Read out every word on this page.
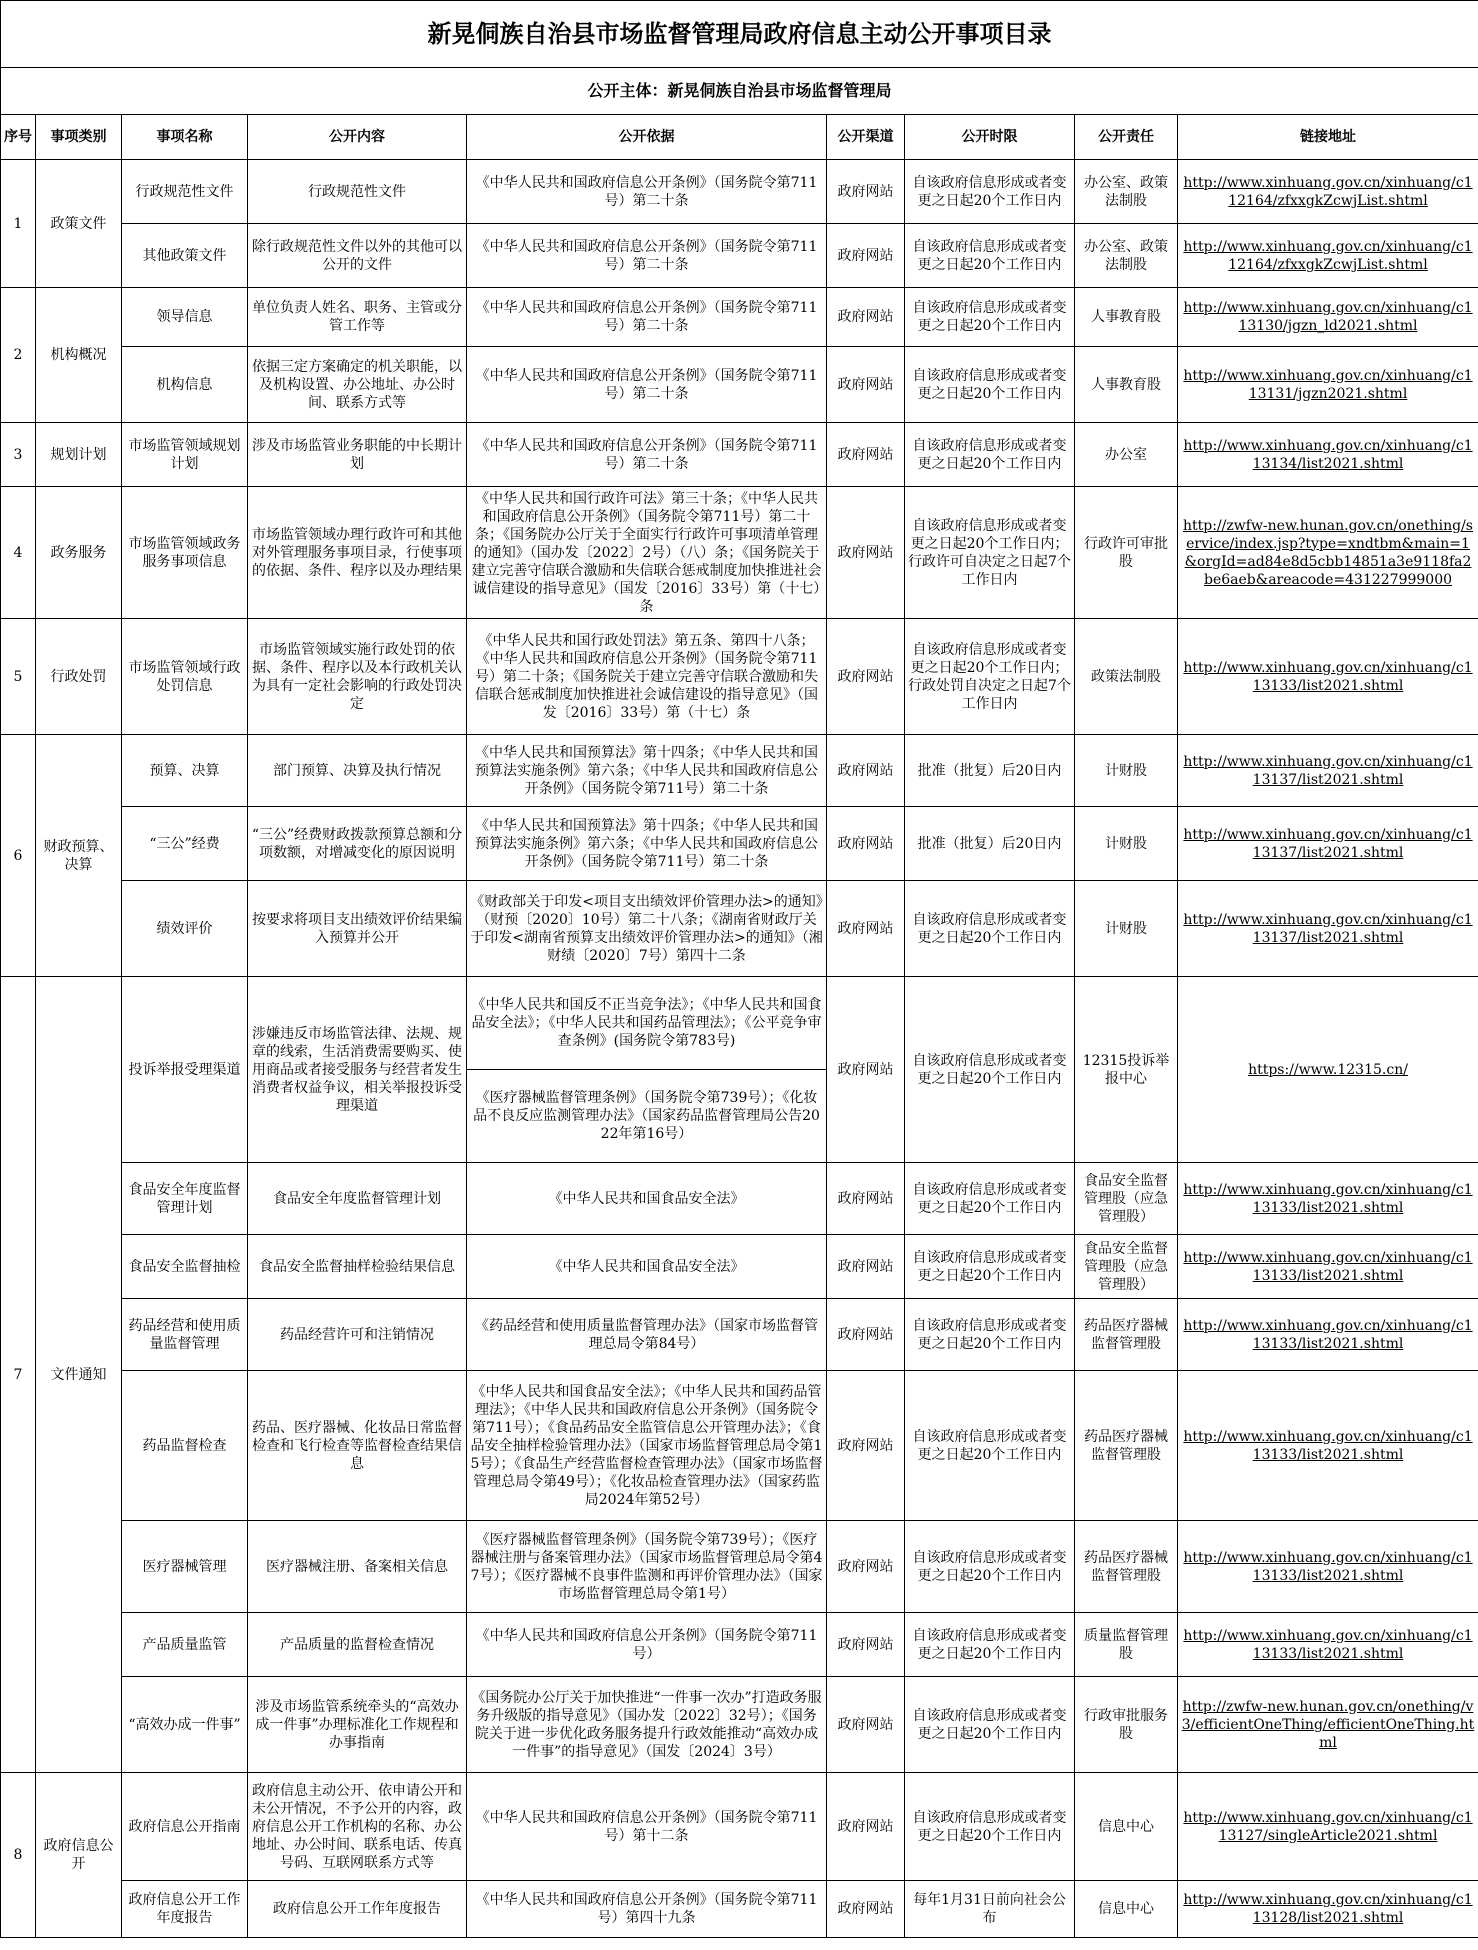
新晃侗族自治县市场监督管理局政府信息主动公开事项目录								
公开主体：新晃侗族自治县市场监督管理局								
序号	事项类别	事项名称	公开内容	公开依据	公开渠道	公开时限	公开责任	链接地址
1	政策文件	行政规范性文件	行政规范性文件	《中华人民共和国政府信息公开条例》（国务院令第711号）第二十条	政府网站	自该政府信息形成或者变更之日起20个工作日内	办公室、政策法制股	http://www.xinhuang.gov.cn/xinhuang/c112164/zfxxgkZcwjList.shtml
		其他政策文件	除行政规范性文件以外的其他可以公开的文件	《中华人民共和国政府信息公开条例》（国务院令第711号）第二十条	政府网站	自该政府信息形成或者变更之日起20个工作日内	办公室、政策法制股	http://www.xinhuang.gov.cn/xinhuang/c112164/zfxxgkZcwjList.shtml
2	机构概况	领导信息	单位负责人姓名、职务、主管或分管工作等	《中华人民共和国政府信息公开条例》（国务院令第711号）第二十条	政府网站	自该政府信息形成或者变更之日起20个工作日内	人事教育股	http://www.xinhuang.gov.cn/xinhuang/c113130/jgzn_ld2021.shtml
		机构信息	依据三定方案确定的机关职能，以及机构设置、办公地址、办公时间、联系方式等	《中华人民共和国政府信息公开条例》（国务院令第711号）第二十条	政府网站	自该政府信息形成或者变更之日起20个工作日内	人事教育股	http://www.xinhuang.gov.cn/xinhuang/c113131/jgzn2021.shtml
3	规划计划	市场监管领域规划计划	涉及市场监管业务职能的中长期计划	《中华人民共和国政府信息公开条例》（国务院令第711号）第二十条	政府网站	自该政府信息形成或者变更之日起20个工作日内	办公室	http://www.xinhuang.gov.cn/xinhuang/c113134/list2021.shtml
4	政务服务	市场监管领域政务服务事项信息	市场监管领域办理行政许可和其他对外管理服务事项目录，行使事项的依据、条件、程序以及办理结果	《中华人民共和国行政许可法》第三十条；《中华人民共和国政府信息公开条例》（国务院令第711号）第二十条；《国务院办公厅关于全面实行行政许可事项清单管理的通知》（国办发〔2022〕2号）（八）条；《国务院关于建立完善守信联合激励和失信联合惩戒制度加快推进社会诚信建设的指导意见》（国发〔2016〕33号）第（十七）条	政府网站	自该政府信息形成或者变更之日起20个工作日内；行政许可自决定之日起7个工作日内	行政许可审批股	http://zwfw-new.hunan.gov.cn/onething/service/index.jsp?type=xndtbm&main=1&orgId=ad84e8d5cbb14851a3e9118fa2be6aeb&areacode=431227999000
5	行政处罚	市场监管领域行政处罚信息	市场监管领域实施行政处罚的依据、条件、程序以及本行政机关认为具有一定社会影响的行政处罚决定	《中华人民共和国行政处罚法》第五条、第四十八条；《中华人民共和国政府信息公开条例》（国务院令第711号）第二十条；《国务院关于建立完善守信联合激励和失信联合惩戒制度加快推进社会诚信建设的指导意见》（国发〔2016〕33号）第（十七）条	政府网站	自该政府信息形成或者变更之日起20个工作日内；行政处罚自决定之日起7个工作日内	政策法制股	http://www.xinhuang.gov.cn/xinhuang/c113133/list2021.shtml
6	财政预算、决算	预算、决算	部门预算、决算及执行情况	《中华人民共和国预算法》第十四条；《中华人民共和国预算法实施条例》第六条；《中华人民共和国政府信息公开条例》（国务院令第711号）第二十条	政府网站	批准（批复）后20日内	计财股	http://www.xinhuang.gov.cn/xinhuang/c113137/list2021.shtml
		“三公”经费	“三公”经费财政拨款预算总额和分项数额，对增减变化的原因说明	《中华人民共和国预算法》第十四条；《中华人民共和国预算法实施条例》第六条；《中华人民共和国政府信息公开条例》（国务院令第711号）第二十条	政府网站	批准（批复）后20日内	计财股	http://www.xinhuang.gov.cn/xinhuang/c113137/list2021.shtml
		绩效评价	按要求将项目支出绩效评价结果编入预算并公开	《财政部关于印发<项目支出绩效评价管理办法>的通知》（财预〔2020〕10号）第二十八条；《湖南省财政厅关于印发<湖南省预算支出绩效评价管理办法>的通知》（湘财绩〔2020〕7号）第四十二条	政府网站	自该政府信息形成或者变更之日起20个工作日内	计财股	http://www.xinhuang.gov.cn/xinhuang/c113137/list2021.shtml
7	文件通知	投诉举报受理渠道	涉嫌违反市场监管法律、法规、规章的线索，生活消费需要购买、使用商品或者接受服务与经营者发生消费者权益争议，相关举报投诉受理渠道	《中华人民共和国反不正当竞争法》；《中华人民共和国食品安全法》；《中华人民共和国药品管理法》；《公平竞争审查条例》(国务院令第783号)	政府网站	自该政府信息形成或者变更之日起20个工作日内	12315投诉举报中心	https://www.12315.cn/
				《医疗器械监督管理条例》（国务院令第739号）；《化妆品不良反应监测管理办法》（国家药品监督管理局公告2022年第16号）				
		食品安全年度监督管理计划	食品安全年度监督管理计划	《中华人民共和国食品安全法》	政府网站	自该政府信息形成或者变更之日起20个工作日内	食品安全监督管理股（应急管理股）	http://www.xinhuang.gov.cn/xinhuang/c113133/list2021.shtml
		食品安全监督抽检	食品安全监督抽样检验结果信息	《中华人民共和国食品安全法》	政府网站	自该政府信息形成或者变更之日起20个工作日内	食品安全监督管理股（应急管理股）	http://www.xinhuang.gov.cn/xinhuang/c113133/list2021.shtml
		药品经营和使用质量监督管理	药品经营许可和注销情况	《药品经营和使用质量监督管理办法》（国家市场监督管理总局令第84号）	政府网站	自该政府信息形成或者变更之日起20个工作日内	药品医疗器械监督管理股	http://www.xinhuang.gov.cn/xinhuang/c113133/list2021.shtml
		药品监督检查	药品、医疗器械、化妆品日常监督检查和飞行检查等监督检查结果信息	《中华人民共和国食品安全法》；《中华人民共和国药品管理法》；《中华人民共和国政府信息公开条例》（国务院令第711号）；《食品药品安全监管信息公开管理办法》；《食品安全抽样检验管理办法》（国家市场监督管理总局令第15号）；《食品生产经营监督检查管理办法》（国家市场监督管理总局令第49号）；《化妆品检查管理办法》（国家药监局2024年第52号）	政府网站	自该政府信息形成或者变更之日起20个工作日内	药品医疗器械监督管理股	http://www.xinhuang.gov.cn/xinhuang/c113133/list2021.shtml
		医疗器械管理	医疗器械注册、备案相关信息	《医疗器械监督管理条例》（国务院令第739号）；《医疗器械注册与备案管理办法》（国家市场监督管理总局令第47号）；《医疗器械不良事件监测和再评价管理办法》（国家市场监督管理总局令第1号）	政府网站	自该政府信息形成或者变更之日起20个工作日内	药品医疗器械监督管理股	http://www.xinhuang.gov.cn/xinhuang/c113133/list2021.shtml
		产品质量监管	产品质量的监督检查情况	《中华人民共和国政府信息公开条例》（国务院令第711号）	政府网站	自该政府信息形成或者变更之日起20个工作日内	质量监督管理股	http://www.xinhuang.gov.cn/xinhuang/c113133/list2021.shtml
		“高效办成一件事”	涉及市场监管系统牵头的“高效办成一件事”办理标准化工作规程和办事指南	《国务院办公厅关于加快推进“一件事一次办”打造政务服务升级版的指导意见》（国办发〔2022〕32号）；《国务院关于进一步优化政务服务提升行政效能推动“高效办成一件事”的指导意见》（国发〔2024〕3号）	政府网站	自该政府信息形成或者变更之日起20个工作日内	行政审批服务股	http://zwfw-new.hunan.gov.cn/onething/v3/efficientOneThing/efficientOneThing.html
8	政府信息公开	政府信息公开指南	政府信息主动公开、依申请公开和未公开情况，不予公开的内容，政府信息公开工作机构的名称、办公地址、办公时间、联系电话、传真号码、互联网联系方式等	《中华人民共和国政府信息公开条例》（国务院令第711号）第十二条	政府网站	自该政府信息形成或者变更之日起20个工作日内	信息中心	http://www.xinhuang.gov.cn/xinhuang/c113127/singleArticle2021.shtml
		政府信息公开工作年度报告	政府信息公开工作年度报告	《中华人民共和国政府信息公开条例》（国务院令第711号）第四十九条	政府网站	每年1月31日前向社会公布	信息中心	http://www.xinhuang.gov.cn/xinhuang/c113128/list2021.shtml
